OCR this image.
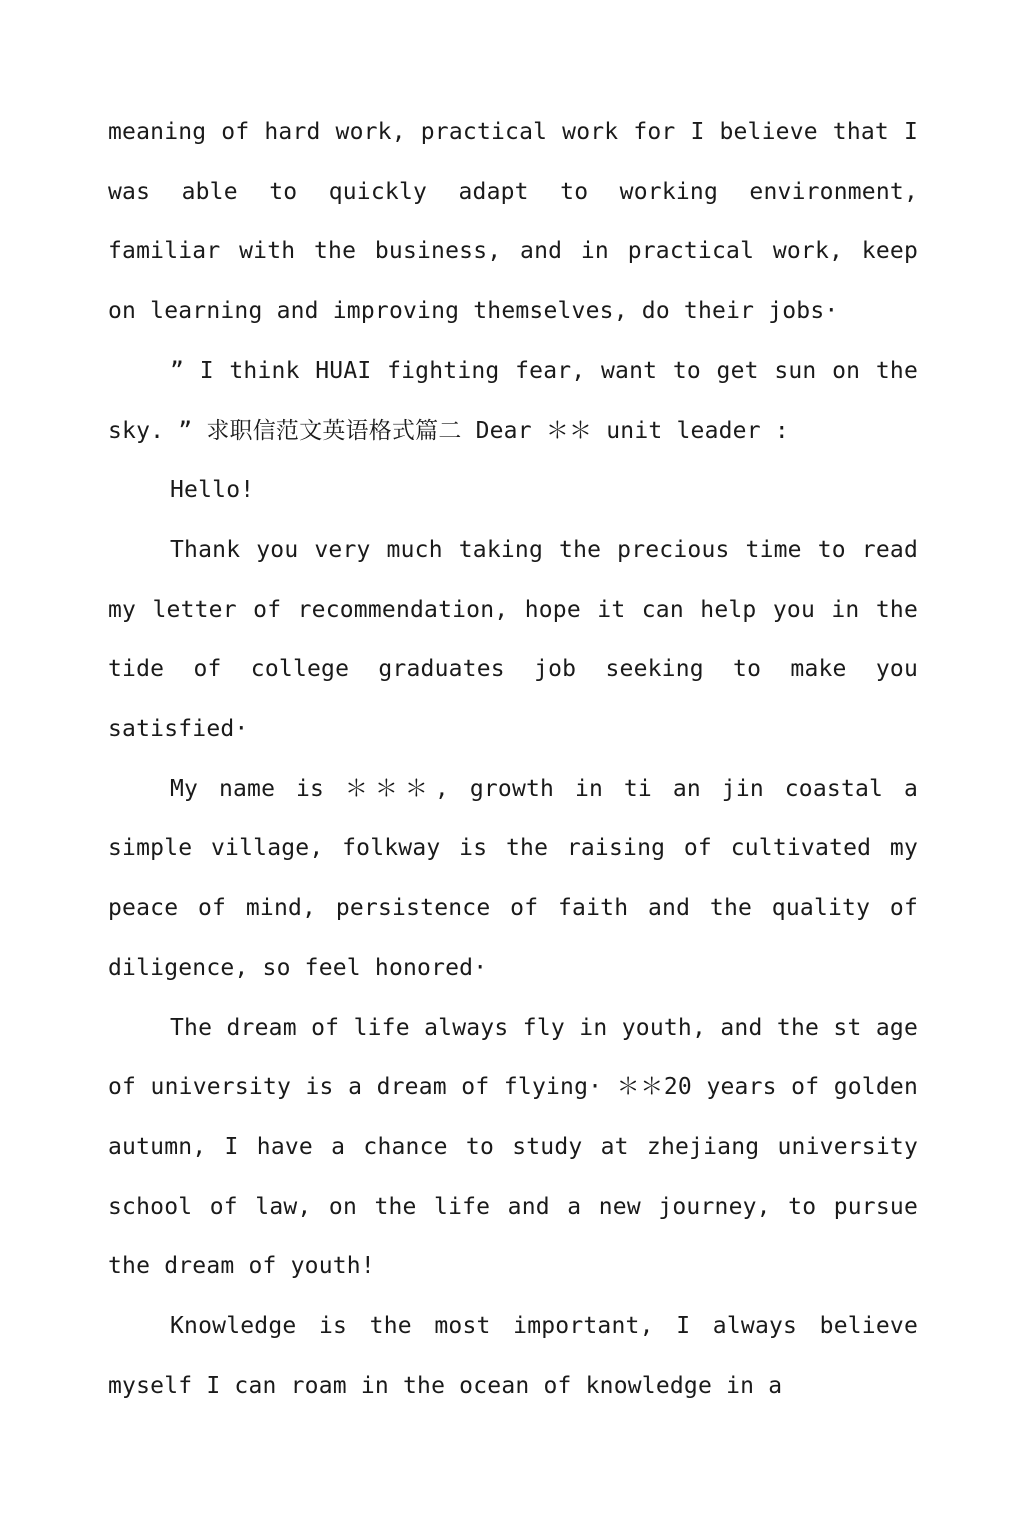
meaning of hard work, practical work for I believe that I was able to quickly adapt to working environment, familiar with the business, and in practical work, keep on learning and improving themselves, do their jobs·

” I think HUAI fighting fear, want to get sun on the sky. ” 求职信范文英语格式篇二 Dear ＊＊ unit leader :

Hello!

Thank you very much taking the precious time to read my letter of recommendation, hope it can help you in the tide of college graduates job seeking to make you satisfied·

My name is ＊＊＊, growth in ti an jin coastal a simple village, folkway is the raising of cultivated my peace of mind, persistence of faith and the quality of diligence, so feel honored·

The dream of life always fly in youth, and the st age of university is a dream of flying· ＊＊20 years of golden autumn, I have a chance to study at zhejiang university school of law, on the life and a new journey, to pursue the dream of youth!

Knowledge is the most important, I always believe myself I can roam in the ocean of knowledge in a
